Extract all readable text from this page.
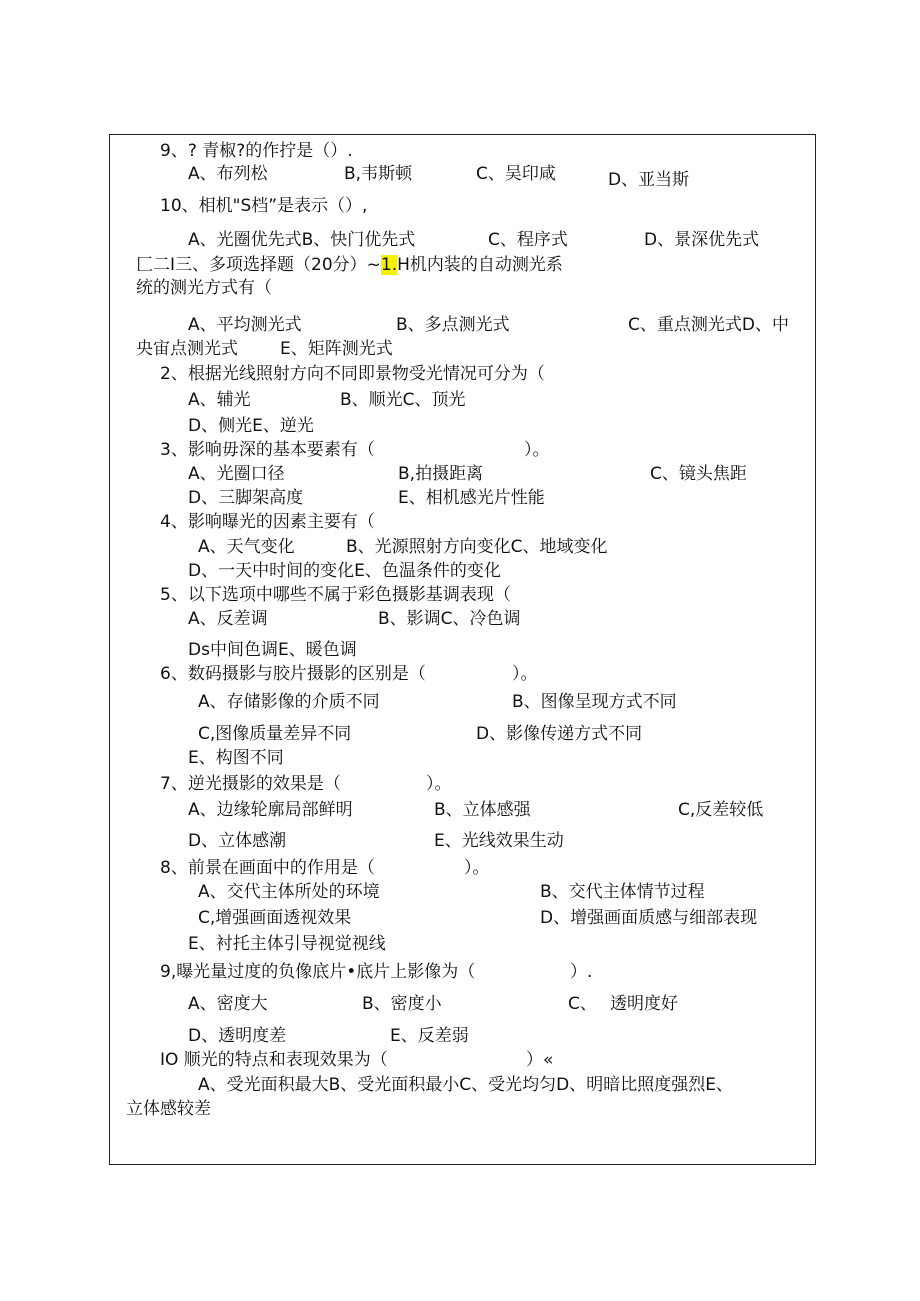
9、? 青椒?的作拧是（）.
A、布列松	B,韦斯顿	C、吴印咸	D、亚当斯
10、相机"S档”是表示（）,
A、光圈优先式B、快门优先式	C、程序式	D、景深优先式
匚二I三、多项选择题（20分）~1.H机内装的自动测光系
统的测光方式有（
A、平均测光式	B、多点测光式	C、重点测光式D、中
央宙点测光式 E、矩阵测光式
2、根据光线照射方向不同即景物受光情况可分为（
A、辅光	B、顺光C、顶光
D、侧光E、逆光
3、影响毋深的基本要素有（	）。
A、光圈口径	B,拍摄距离	C、镜头焦距
D、三脚架高度	E、相机感光片性能
4、影响曝光的因素主要有（
A、天气变化	B、光源照射方向变化C、地域变化
D、一天中时间的变化E、色温条件的变化
5、以下选项中哪些不属于彩色摄影基调表现（
A、反差调	B、影调C、冷色调
Ds中间色调E、暖色调
6、数码摄影与胶片摄影的区别是（	）。
A、存储影像的介质不同	B、图像呈现方式不同
C,图像质量差异不同	D、影像传递方式不同
E、构图不同
7、逆光摄影的效果是（	）。
A、边缘轮廓局部鲜明	B、立体感强	C,反差较低
D、立体感潮	E、光线效果生动
8、前景在画面中的作用是（	）。
A、交代主体所处的环境	B、交代主体情节过程
C,增强画面透视效果	D、增强画面质感与细部表现
E、衬托主体引导视觉视线
9,曝光量过度的负像底片•底片上影像为（	）.
A、密度大	B、密度小	C、 透明度好
D、透明度差	E、反差弱
IO 顺光的特点和表现效果为（	）«
A、受光面积最大B、受光面积最小C、受光均匀D、明暗比照度强烈E、
立体感较差
